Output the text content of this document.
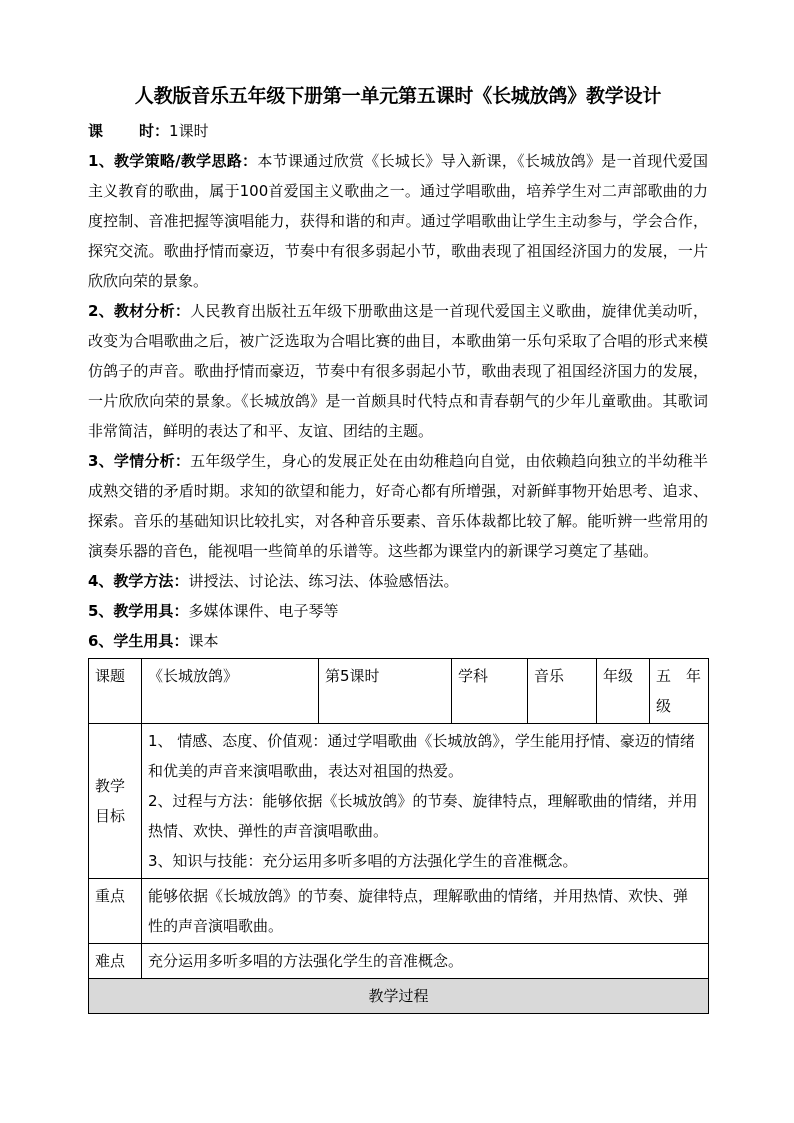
人教版音乐五年级下册第一单元第五课时《长城放鸽》教学设计

课 时：1课时

1、教学策略/教学思路：本节课通过欣赏《长城长》导入新课，《长城放鸽》是一首现代爱国主义教育的歌曲，属于100首爱国主义歌曲之一。通过学唱歌曲，培养学生对二声部歌曲的力度控制、音准把握等演唱能力，获得和谐的和声。通过学唱歌曲让学生主动参与，学会合作，探究交流。歌曲抒情而豪迈，节奏中有很多弱起小节，歌曲表现了祖国经济国力的发展，一片欣欣向荣的景象。

2、教材分析：人民教育出版社五年级下册歌曲这是一首现代爱国主义歌曲，旋律优美动听，改变为合唱歌曲之后，被广泛选取为合唱比赛的曲目，本歌曲第一乐句采取了合唱的形式来模仿鸽子的声音。歌曲抒情而豪迈，节奏中有很多弱起小节，歌曲表现了祖国经济国力的发展，一片欣欣向荣的景象。《长城放鸽》是一首颇具时代特点和青春朝气的少年儿童歌曲。其歌词非常简洁，鲜明的表达了和平、友谊、团结的主题。

3、学情分析：五年级学生，身心的发展正处在由幼稚趋向自觉，由依赖趋向独立的半幼稚半成熟交错的矛盾时期。求知的欲望和能力，好奇心都有所增强，对新鲜事物开始思考、追求、探索。音乐的基础知识比较扎实，对各种音乐要素、音乐体裁都比较了解。能听辨一些常用的演奏乐器的音色，能视唱一些简单的乐谱等。这些都为课堂内的新课学习奠定了基础。

4、教学方法：讲授法、讨论法、练习法、体验感悟法。

5、教学用具：多媒体课件、电子琴等

6、学生用具：课本

课题	《长城放鸽》	第5课时	学科	音乐	年级	五　年级
教学目标	1、 情感、态度、价值观：通过学唱歌曲《长城放鸽》，学生能用抒情、豪迈的情绪和优美的声音来演唱歌曲，表达对祖国的热爱。
2、过程与方法：能够依据《长城放鸽》的节奏、旋律特点，理解歌曲的情绪，并用热情、欢快、弹性的声音演唱歌曲。
3、知识与技能：充分运用多听多唱的方法强化学生的音准概念。					

重点	能够依据《长城放鸽》的节奏、旋律特点，理解歌曲的情绪，并用热情、欢快、弹性的声音演唱歌曲。					
难点	充分运用多听多唱的方法强化学生的音准概念。					
教学过程						
